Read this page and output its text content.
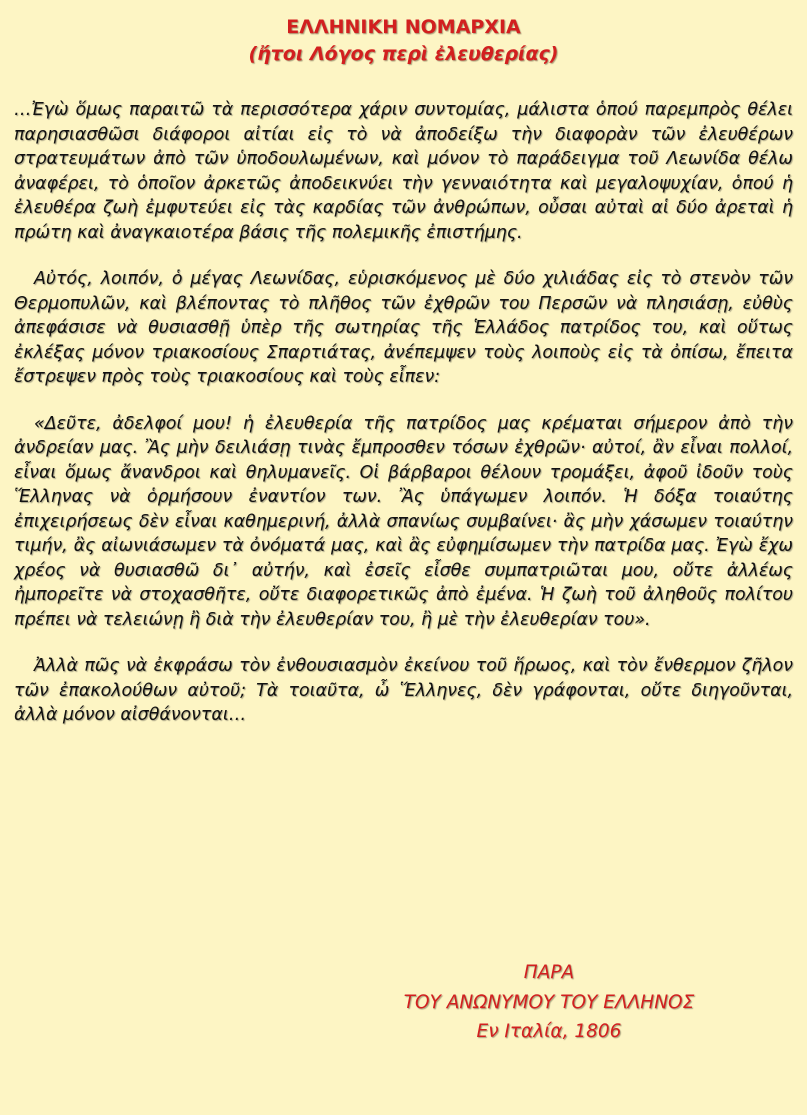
ΕΛΛΗΝΙΚΗ ΝΟΜΑΡΧΙΑ
(ἤτοι Λόγος περὶ ἐλευθερίας)

…Ἐγὼ ὅμως παραιτῶ τὰ περισσότερα χάριν συντομίας, μάλιστα ὁπού παρεμπρὸς θέλει παρησιασθῶσι διάφοροι αἰτίαι εἰς τὸ νὰ ἀποδείξω τὴν διαφορὰν τῶν ἐλευθέρων στρατευμάτων ἀπὸ τῶν ὑποδουλωμένων, καὶ μόνον τὸ παράδειγμα τοῦ Λεωνίδα θέλω ἀναφέρει, τὸ ὁποῖον ἀρκετῶς ἀποδεικνύει τὴν γενναιότητα καὶ μεγαλοψυχίαν, ὁπού ἡ ἐλευθέρα ζωὴ ἐμφυτεύει εἰς τὰς καρδίας τῶν ἀνθρώπων, οὖσαι αὐταὶ αἱ δύο ἀρεταὶ ἡ πρώτη καὶ ἀναγκαιοτέρα βάσις τῆς πολεμικῆς ἐπιστήμης.

Αὐτός, λοιπόν, ὁ μέγας Λεωνίδας, εὑρισκόμενος μὲ δύο χιλιάδας εἰς τὸ στενὸν τῶν Θερμοπυλῶν, καὶ βλέποντας τὸ πλῆθος τῶν ἐχθρῶν του Περσῶν νὰ πλησιάσῃ, εὐθὺς ἀπεφάσισε νὰ θυσιασθῇ ὑπὲρ τῆς σωτηρίας τῆς Ἑλλάδος πατρίδος του, καὶ οὕτως ἐκλέξας μόνον τριακοσίους Σπαρτιάτας, ἀνέπεμψεν τοὺς λοιποὺς εἰς τὰ ὀπίσω, ἔπειτα ἔστρεψεν πρὸς τοὺς τριακοσίους καὶ τοὺς εἶπεν:

«Δεῦτε, ἀδελφοί μου! ἡ ἐλευθερία τῆς πατρίδος μας κρέμαται σήμερον ἀπὸ τὴν ἀνδρείαν μας. Ἂς μὴν δειλιάσῃ τινὰς ἔμπροσθεν τόσων ἐχθρῶν· αὐτοί, ἂν εἶναι πολλοί, εἶναι ὅμως ἄνανδροι καὶ θηλυμανεῖς. Οἱ βάρβαροι θέλουν τρομάξει, ἀφοῦ ἰδοῦν τοὺς Ἕλληνας νὰ ὁρμήσουν ἐναντίον των. Ἂς ὑπάγωμεν λοιπόν. Ἡ δόξα τοιαύτης ἐπιχειρήσεως δὲν εἶναι καθημερινή, ἀλλὰ σπανίως συμβαίνει· ἂς μὴν χάσωμεν τοιαύτην τιμήν, ἂς αἰωνιάσωμεν τὰ ὀνόματά μας, καὶ ἂς εὐφημίσωμεν τὴν πατρίδα μας. Ἐγὼ ἔχω χρέος νὰ θυσιασθῶ δι᾽ αὐτήν, καὶ ἐσεῖς εἶσθε συμπατριῶται μου, οὔτε ἀλλέως ἠμπορεῖτε νὰ στοχασθῆτε, οὔτε διαφορετικῶς ἀπὸ ἐμένα. Ἡ ζωὴ τοῦ ἀληθοῦς πολίτου πρέπει νὰ τελειώνῃ ἢ διὰ τὴν ἐλευθερίαν του, ἢ μὲ τὴν ἐλευθερίαν του».

Ἀλλὰ πῶς νὰ ἐκφράσω τὸν ἐνθουσιασμὸν ἐκείνου τοῦ ἥρωος, καὶ τὸν ἔνθερμον ζῆλον τῶν ἐπακολούθων αὐτοῦ; Τὰ τοιαῦτα, ὦ Ἕλληνες, δὲν γράφονται, οὔτε διηγοῦνται, ἀλλὰ μόνον αἰσθάνονται…

ΠΑΡΑ
ΤΟΥ ΑΝΩΝΥΜΟΥ ΤΟΥ ΕΛΛΗΝΟΣ
Εν Ιταλία, 1806
